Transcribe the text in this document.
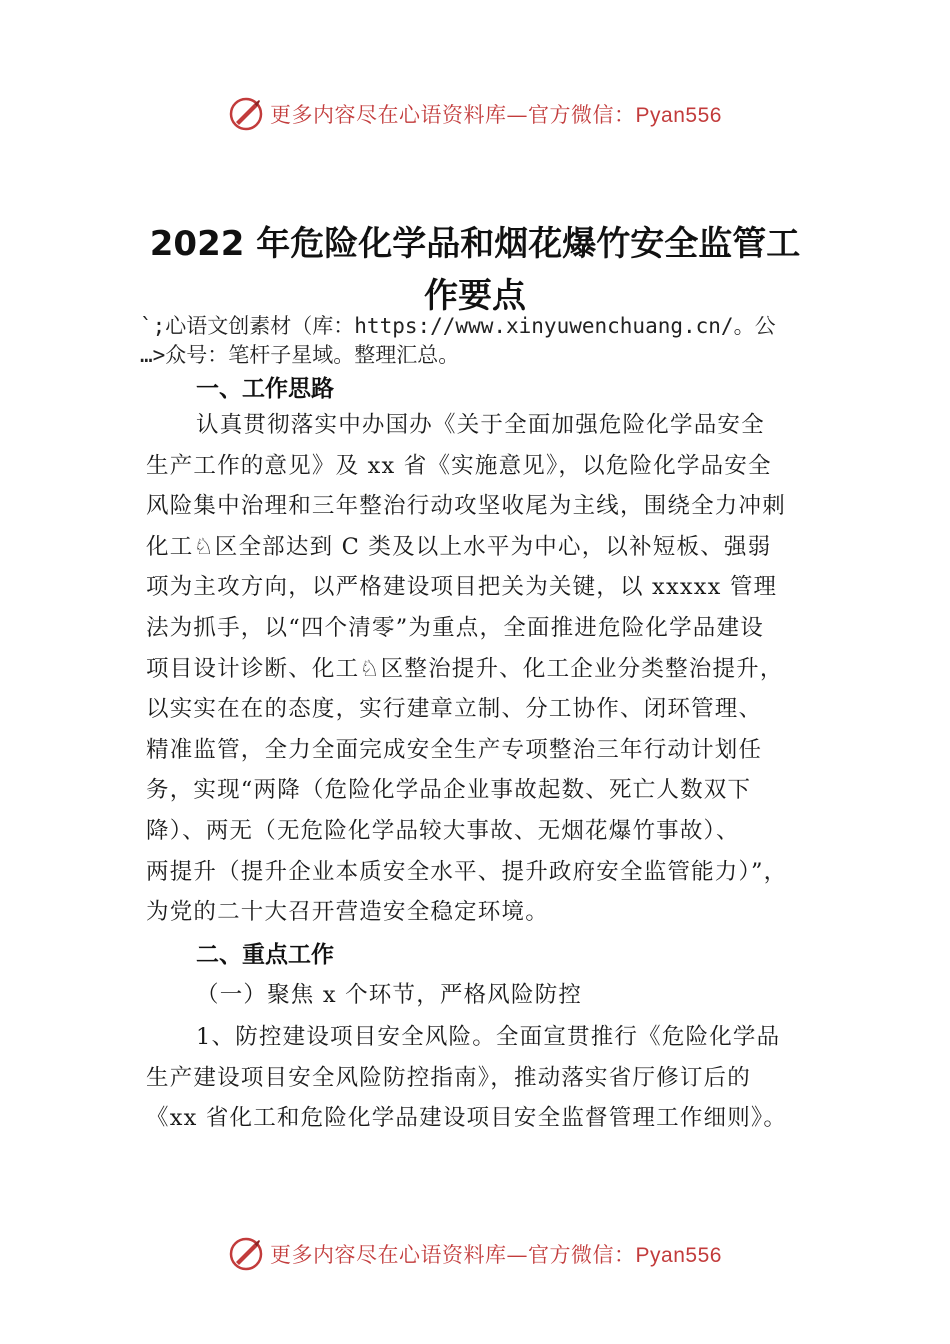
更多内容尽在心语资料库—官方微信：Pyan556
2022 年危险化学品和烟花爆竹安全监管工
作要点
`;心语文创素材（库：https://www.xinyuwenchuang.cn/。公
…>众号：笔杆子星域。整理汇总。
一、工作思路
认真贯彻落实中办国办《关于全面加强危险化学品安全
生产工作的意见》及 xx 省《实施意见》，以危险化学品安全
风险集中治理和三年整治行动攻坚收尾为主线，围绕全力冲刺
化工♘区全部达到 C 类及以上水平为中心，以补短板、强弱
项为主攻方向，以严格建设项目把关为关键，以 xxxxx 管理
法为抓手，以“四个清零”为重点，全面推进危险化学品建设
项目设计诊断、化工♘区整治提升、化工企业分类整治提升，
以实实在在的态度，实行建章立制、分工协作、闭环管理、
精准监管，全力全面完成安全生产专项整治三年行动计划任
务，实现“两降（危险化学品企业事故起数、死亡人数双下
降）、两无（无危险化学品较大事故、无烟花爆竹事故）、
两提升（提升企业本质安全水平、提升政府安全监管能力）”，
为党的二十大召开营造安全稳定环境。
二、重点工作
（一）聚焦 x 个环节，严格风险防控
1、防控建设项目安全风险。全面宣贯推行《危险化学品
生产建设项目安全风险防控指南》，推动落实省厅修订后的
《xx 省化工和危险化学品建设项目安全监督管理工作细则》。
更多内容尽在心语资料库—官方微信：Pyan556
